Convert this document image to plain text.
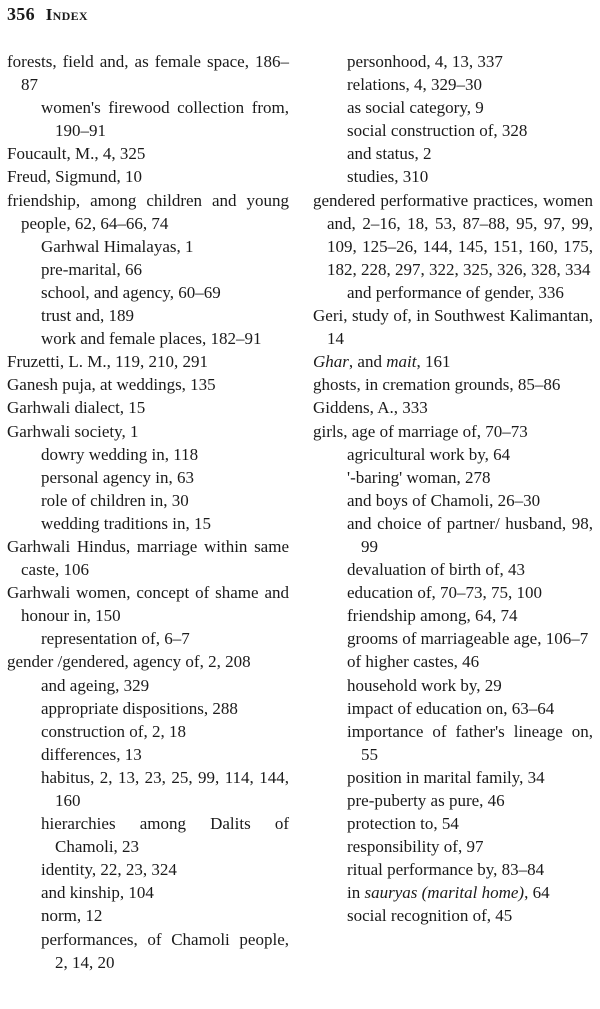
356 Index
forests, field and, as female space, 186–87
women's firewood collection from, 190–91
Foucault, M., 4, 325
Freud, Sigmund, 10
friendship, among children and young people, 62, 64–66, 74
Garhwal Himalayas, 1
pre-marital, 66
school, and agency, 60–69
trust and, 189
work and female places, 182–91
Fruzetti, L. M., 119, 210, 291
Ganesh puja, at weddings, 135
Garhwali dialect, 15
Garhwali society, 1
dowry wedding in, 118
personal agency in, 63
role of children in, 30
wedding traditions in, 15
Garhwali Hindus, marriage within same caste, 106
Garhwali women, concept of shame and honour in, 150
representation of, 6–7
gender /gendered, agency of, 2, 208
and ageing, 329
appropriate dispositions, 288
construction of, 2, 18
differences, 13
habitus, 2, 13, 23, 25, 99, 114, 144, 160
hierarchies among Dalits of Chamoli, 23
identity, 22, 23, 324
and kinship, 104
norm, 12
performances, of Chamoli people, 2, 14, 20
personhood, 4, 13, 337
relations, 4, 329–30
as social category, 9
social construction of, 328
and status, 2
studies, 310
gendered performative practices, women and, 2–16, 18, 53, 87–88, 95, 97, 99, 109, 125–26, 144, 145, 151, 160, 175, 182, 228, 297, 322, 325, 326, 328, 334
and performance of gender, 336
Geri, study of, in Southwest Kalimantan, 14
Ghar, and mait, 161
ghosts, in cremation grounds, 85–86
Giddens, A., 333
girls, age of marriage of, 70–73
agricultural work by, 64
'-baring' woman, 278
and boys of Chamoli, 26–30
and choice of partner/ husband, 98, 99
devaluation of birth of, 43
education of, 70–73, 75, 100
friendship among, 64, 74
grooms of marriageable age, 106–7
of higher castes, 46
household work by, 29
impact of education on, 63–64
importance of father's lineage on, 55
position in marital family, 34
pre-puberty as pure, 46
protection to, 54
responsibility of, 97
ritual performance by, 83–84
in sauryas (marital home), 64
social recognition of, 45
